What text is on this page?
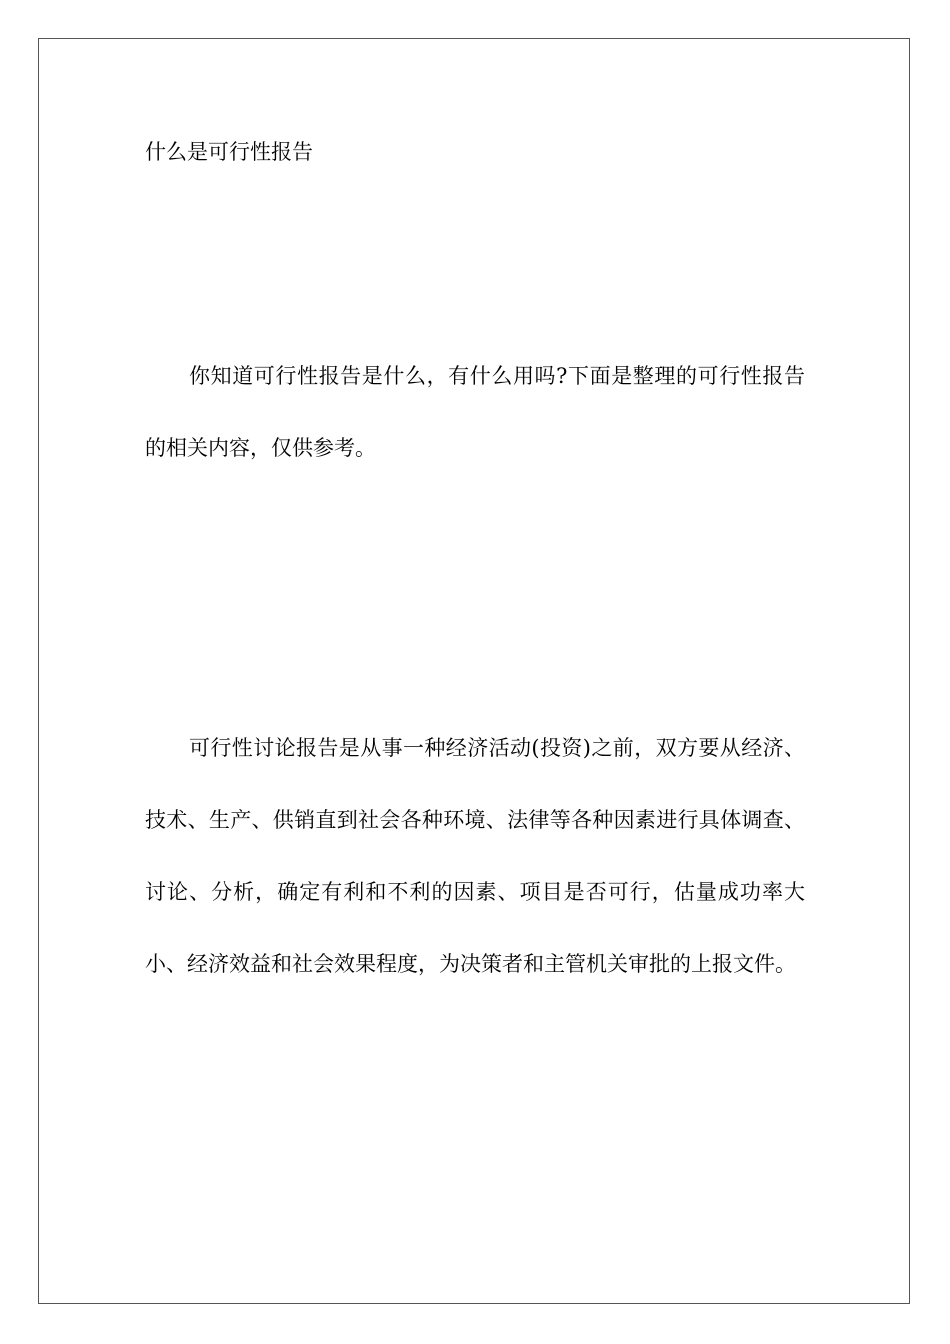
什么是可行性报告

你知道可行性报告是什么，有什么用吗?下面是整理的可行性报告的相关内容，仅供参考。

可行性讨论报告是从事一种经济活动(投资)之前，双方要从经济、技术、生产、供销直到社会各种环境、法律等各种因素进行具体调查、讨论、分析，确定有利和不利的因素、项目是否可行，估量成功率大小、经济效益和社会效果程度，为决策者和主管机关审批的上报文件。
